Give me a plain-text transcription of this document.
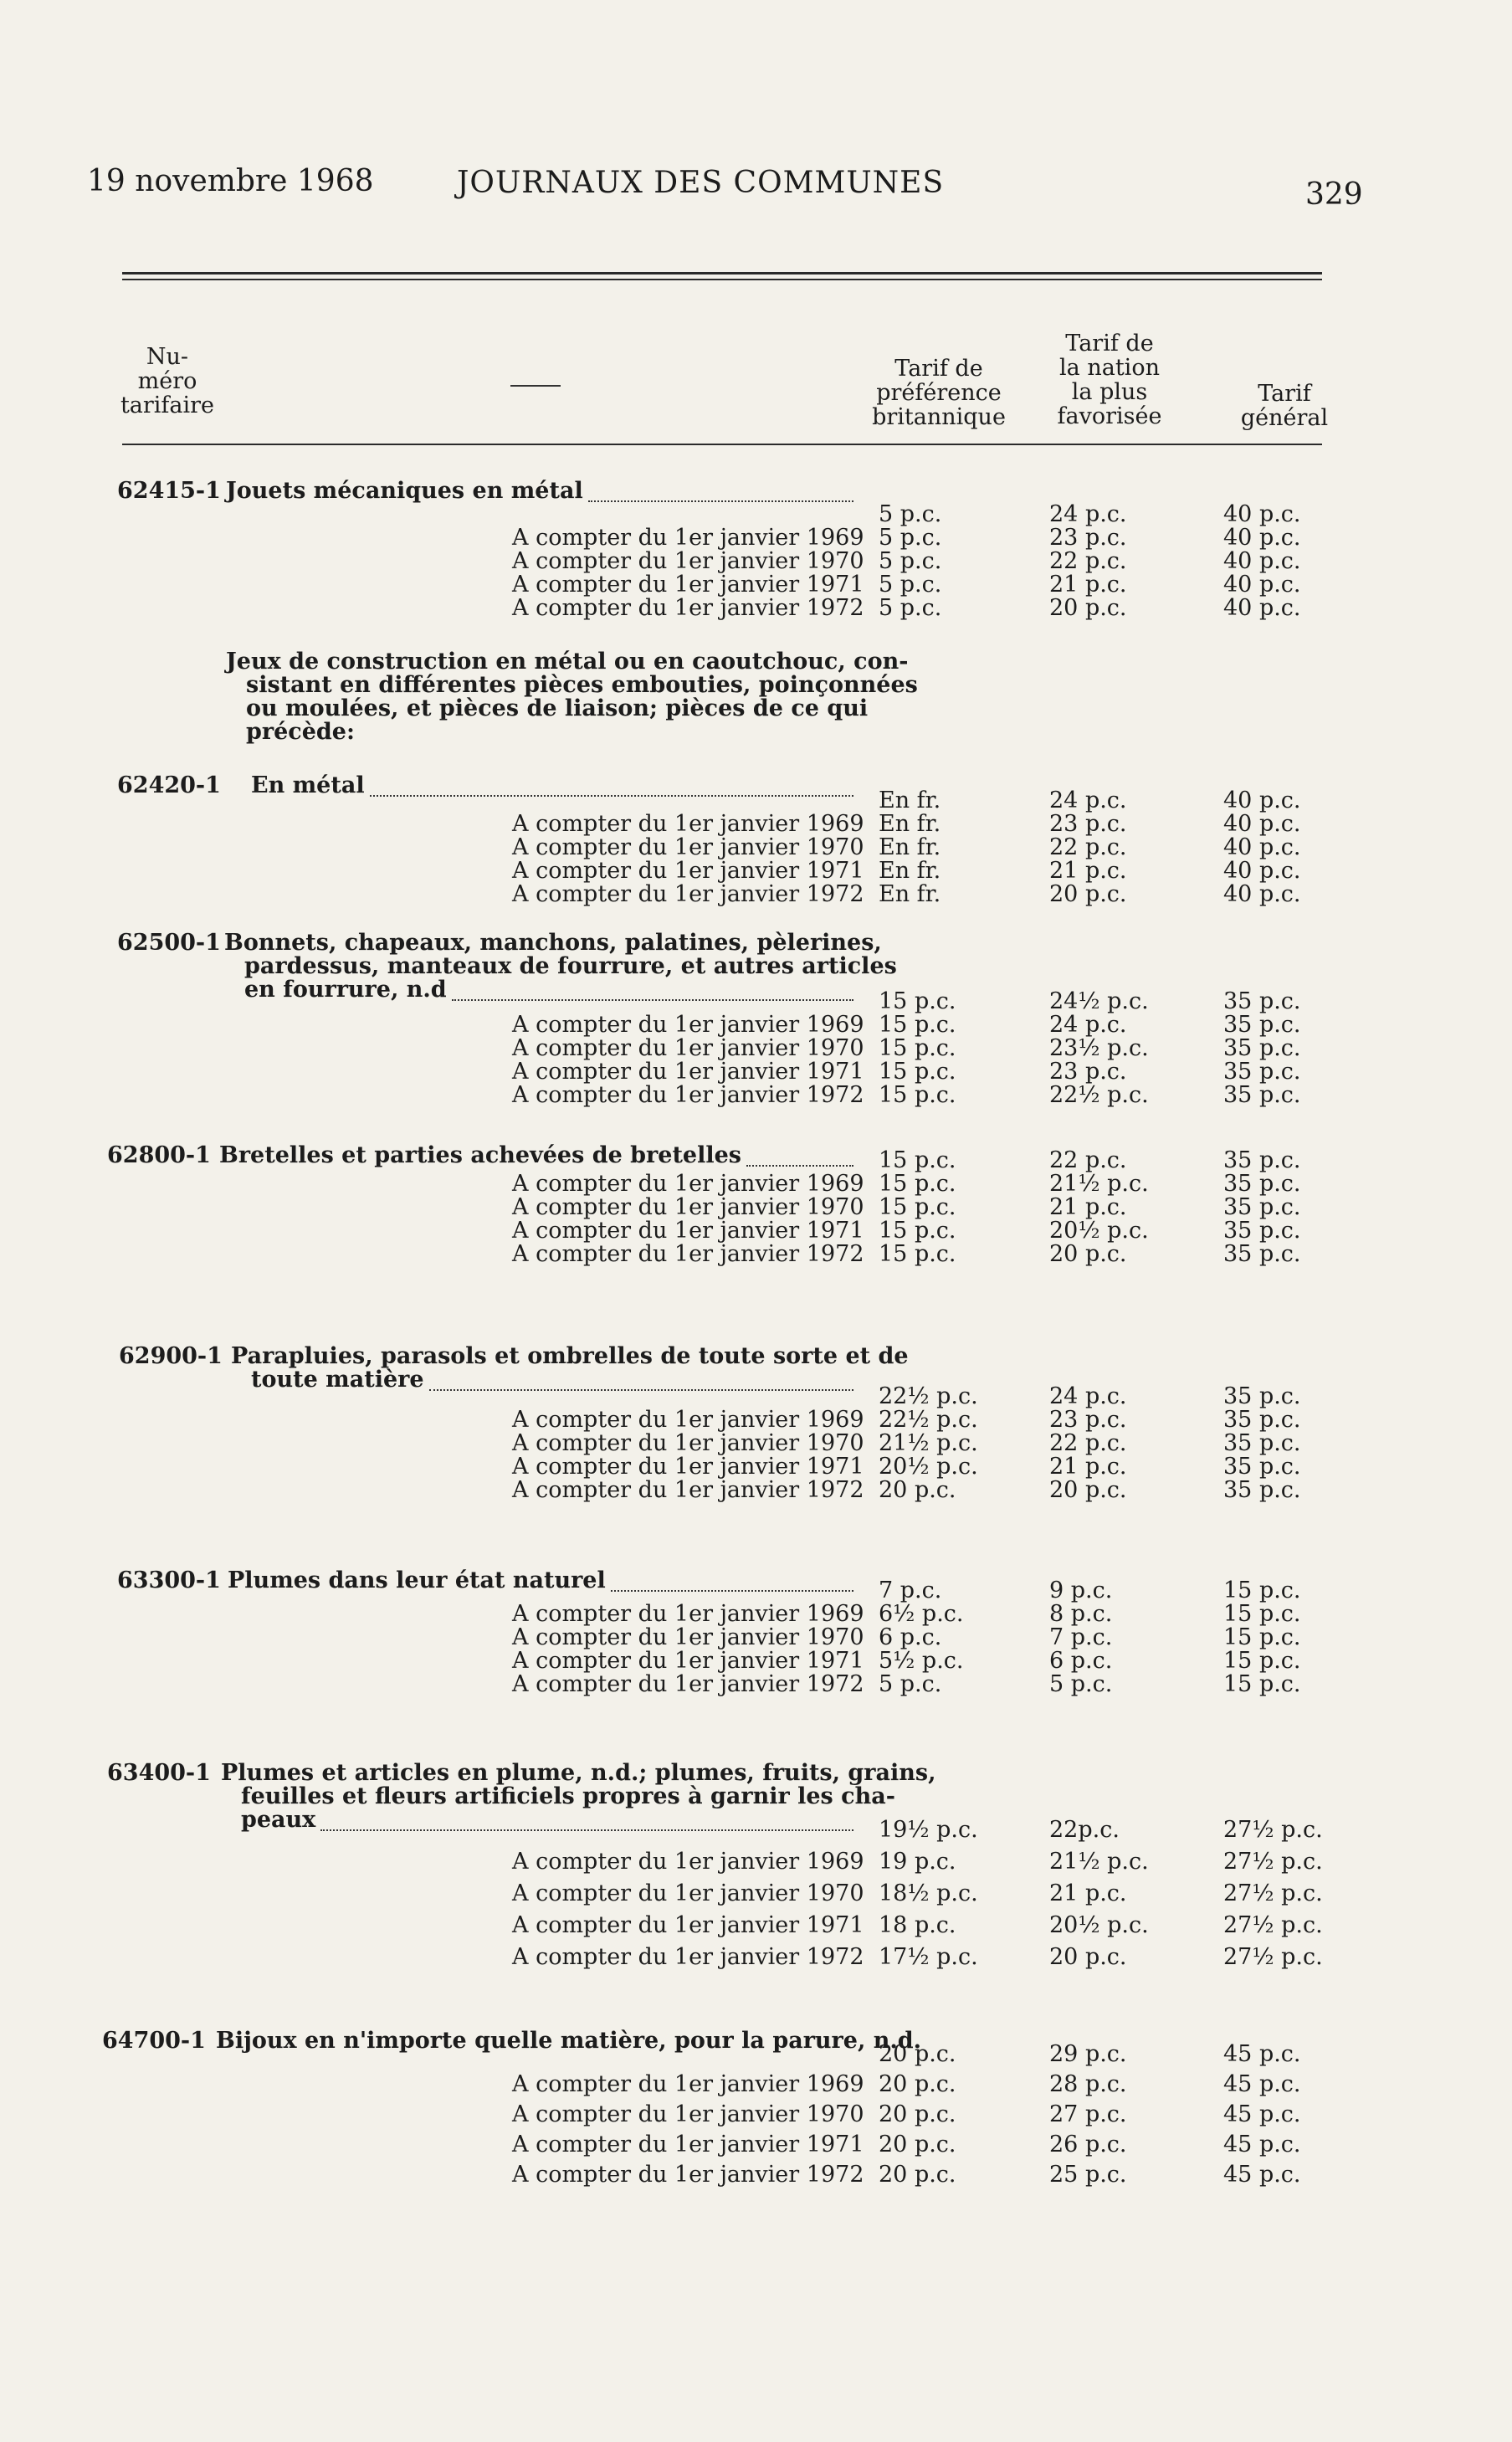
19 novembre 1968	JOURNAUX DES COMMUNES	329
Nu-
méro
tarifaire
Tarif de
préférence
britannique
Tarif de
la nation
la plus
favorisée
Tarif
général
62415-1 Jouets mécaniques en métal
5 p.c.	24 p.c.	40 p.c.
A compter du 1er janvier 1969 5 p.c.	23 p.c.	40 p.c.
A compter du 1er janvier 1970 5 p.c.	22 p.c.	40 p.c.
A compter du 1er janvier 1971 5 p.c.	21 p.c.	40 p.c.
A compter du 1er janvier 1972 5 p.c.	20 p.c.	40 p.c.
Jeux de construction en métal ou en caoutchouc, con-
sistant en différentes pièces embouties, poinçonnées
ou moulées, et pièces de liaison; pièces de ce qui
précède:
62420-1 En métal
En fr.	24 p.c.	40 p.c.
A compter du 1er janvier 1969 En fr.	23 p.c.	40 p.c.
A compter du 1er janvier 1970 En fr.	22 p.c.	40 p.c.
A compter du 1er janvier 1971 En fr.	21 p.c.	40 p.c.
A compter du 1er janvier 1972 En fr.	20 p.c.	40 p.c.
62500-1 Bonnets, chapeaux, manchons, palatines, pèlerines,
pardessus, manteaux de fourrure, et autres articles
en fourrure, n.d	15 p.c.	24½ p.c.	35 p.c.
A compter du 1er janvier 1969 15 p.c.	24 p.c.	35 p.c.
A compter du 1er janvier 1970 15 p.c.	23½ p.c.	35 p.c.
A compter du 1er janvier 1971 15 p.c.	23 p.c.	35 p.c.
A compter du 1er janvier 1972 15 p.c.	22½ p.c.	35 p.c.
62800-1 Bretelles et parties achevées de bretelles	15 p.c.	22 p.c.	35 p.c.
A compter du 1er janvier 1969 15 p.c.	21½ p.c.	35 p.c.
A compter du 1er janvier 1970 15 p.c.	21 p.c.	35 p.c.
A compter du 1er janvier 1971 15 p.c.	20½ p.c.	35 p.c.
A compter du 1er janvier 1972 15 p.c.	20 p.c.	35 p.c.
62900-1 Parapluies, parasols et ombrelles de toute sorte et de
toute matière
22½ p.c.	24 p.c.	35 p.c.
A compter du 1er janvier 1969 22½ p.c.	23 p.c.	35 p.c.
A compter du 1er janvier 1970 21½ p.c.	22 p.c.	35 p.c.
A compter du 1er janvier 1971 20½ p.c.	21 p.c.	35 p.c.
A compter du 1er janvier 1972 20 p.c.	20 p.c.	35 p.c.
63300-1 Plumes dans leur état naturel	7 p.c.	9 p.c.	15 p.c.
A compter du 1er janvier 1969 6½ p.c.	8 p.c.	15 p.c.
A compter du 1er janvier 1970 6 p.c.	7 p.c.	15 p.c.
A compter du 1er janvier 1971 5½ p.c.	6 p.c.	15 p.c.
A compter du 1er janvier 1972 5 p.c.	5 p.c.	15 p.c.
63400-1 Plumes et articles en plume, n.d.; plumes, fruits, grains,
feuilles et fleurs artificiels propres à garnir les cha-
peaux	19½ p.c.	22p.c.	27½ p.c.
A compter du 1er janvier 1969 19 p.c.	21½ p.c.	27½ p.c.
A compter du 1er janvier 1970 18½ p.c.	21 p.c.	27½ p.c.
A compter du 1er janvier 1971 18 p.c.	20½ p.c.	27½ p.c.
A compter du 1er janvier 1972 17½ p.c.	20 p.c.	27½ p.c.
64700-1 Bijoux en n'importe quelle matière, pour la parure, n.d.
20 p.c.	29 p.c.	45 p.c.
A compter du 1er janvier 1969 20 p.c.	28 p.c.	45 p.c.
A compter du 1er janvier 1970 20 p.c.	27 p.c.	45 p.c.
A compter du 1er janvier 1971 20 p.c.	26 p.c.	45 p.c.
A compter du 1er janvier 1972 20 p.c.	25 p.c.	45 p.c.
